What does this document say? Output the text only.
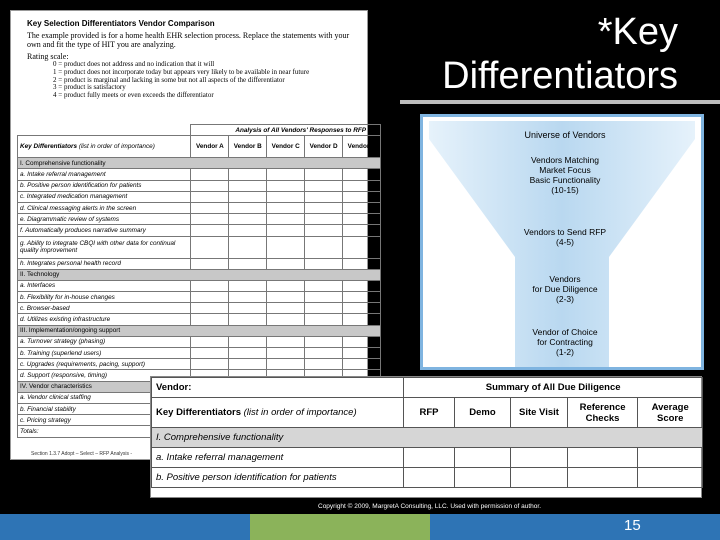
*Key
Differentiators
Key Selection Differentiators Vendor Comparison

The example provided is for a home health EHR selection process. Replace the statements with your own and fit the type of HIT you are analyzing.

Rating scale:
0 = product does not address and no indication that it will
1 = product does not incorporate today but appears very likely to be available in near future
2 = product is marginal and lacking in some but not all aspects of the differentiator
3 = product is satisfactory
4 = product fully meets or even exceeds the differentiator
	Analysis of All Vendors' Responses to RFP				
Key Differentiators (list in order of importance)	Vendor A	Vendor B	Vendor C	Vendor D	Vendor E
I. Comprehensive functionality					
a. Intake referral management					
b. Positive person identification for patients					
c. Integrated medication management					
d. Clinical messaging alerts in the screen					
e. Diagrammatic review of systems					
f. Automatically produces narrative summary					
g. Ability to integrate CBQI with other data for continual quality improvement					
h. Integrates personal health record					
II. Technology					
a. Interfaces					
b. Flexibility for in-house changes					
c. Browser-based					
d. Utilizes existing infrastructure					
III. Implementation/ongoing support					
a. Turnover strategy (phasing)					
b. Training (superlend users)					
c. Upgrades (requirements, pacing, support)					
d. Support (responsive, timing)					
IV. Vendor characteristics					
a. Vendor clinical staffing					
b. Financial stability					
c. Pricing strategy					
Totals:					
Section 1.3.7 Adopt – Select – RFP Analysis -
Universe of Vendors
Vendors Matching
Market Focus
Basic Functionality
(10-15)
Vendors to Send RFP
(4-5)
Vendors
for Due Diligence
(2-3)
Vendor of Choice
for Contracting
(1-2)
Vendor:	Summary of All Due Diligence				
Key Differentiators (list in order of importance)	RFP	Demo	Site Visit	Reference Checks	Average Score
I. Comprehensive functionality					
a. Intake referral management					
b. Positive person identification for patients					
Copyright © 2009, MargretA Consulting, LLC. Used with permission of author.
15
